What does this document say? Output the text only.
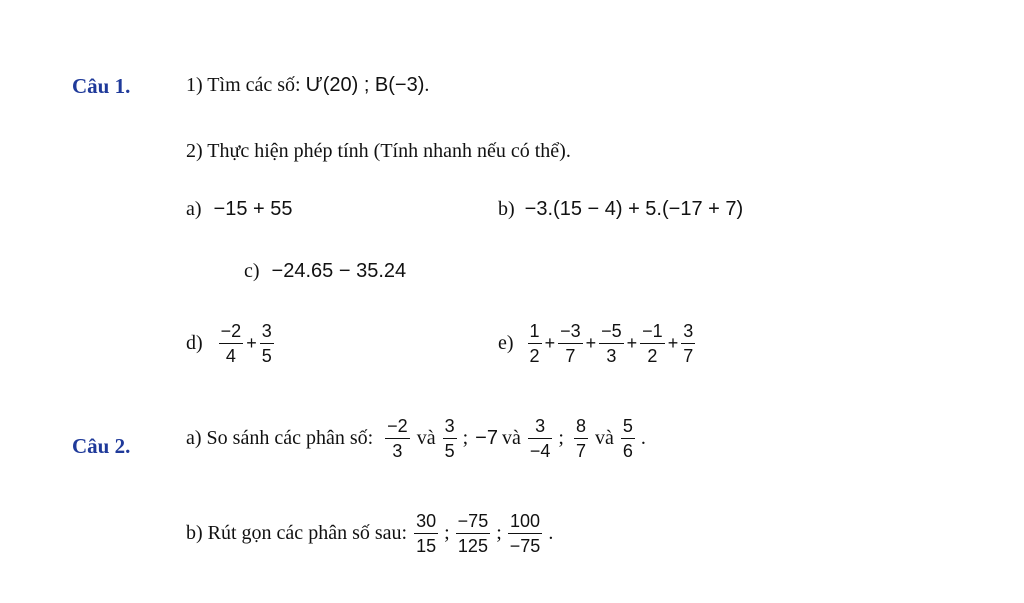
Câu 1.	1) Tìm các số: Ư(20) ; B(−3).
2) Thực hiện phép tính (Tính nhanh nếu có thể).
a) −15 + 55	b) −3.(15 − 4) + 5.(−17 + 7)
c) −24.65 − 35.24
$d) \frac{-2}{4} + \frac{3}{5}$	$e) \frac{1}{2} + \frac{-3}{7} + \frac{-5}{3} + \frac{-1}{2} + \frac{3}{7}$
Câu 2.	a) So sánh các phân số: $\frac{-2}{3}$ và $\frac{3}{5}$ ; −7 và $\frac{3}{-4}$ ; $\frac{8}{7}$ và $\frac{5}{6}$ .
b) Rút gọn các phân số sau: $\frac{30}{15}$ ; $\frac{-75}{125}$ ; $\frac{100}{-75}$ .
